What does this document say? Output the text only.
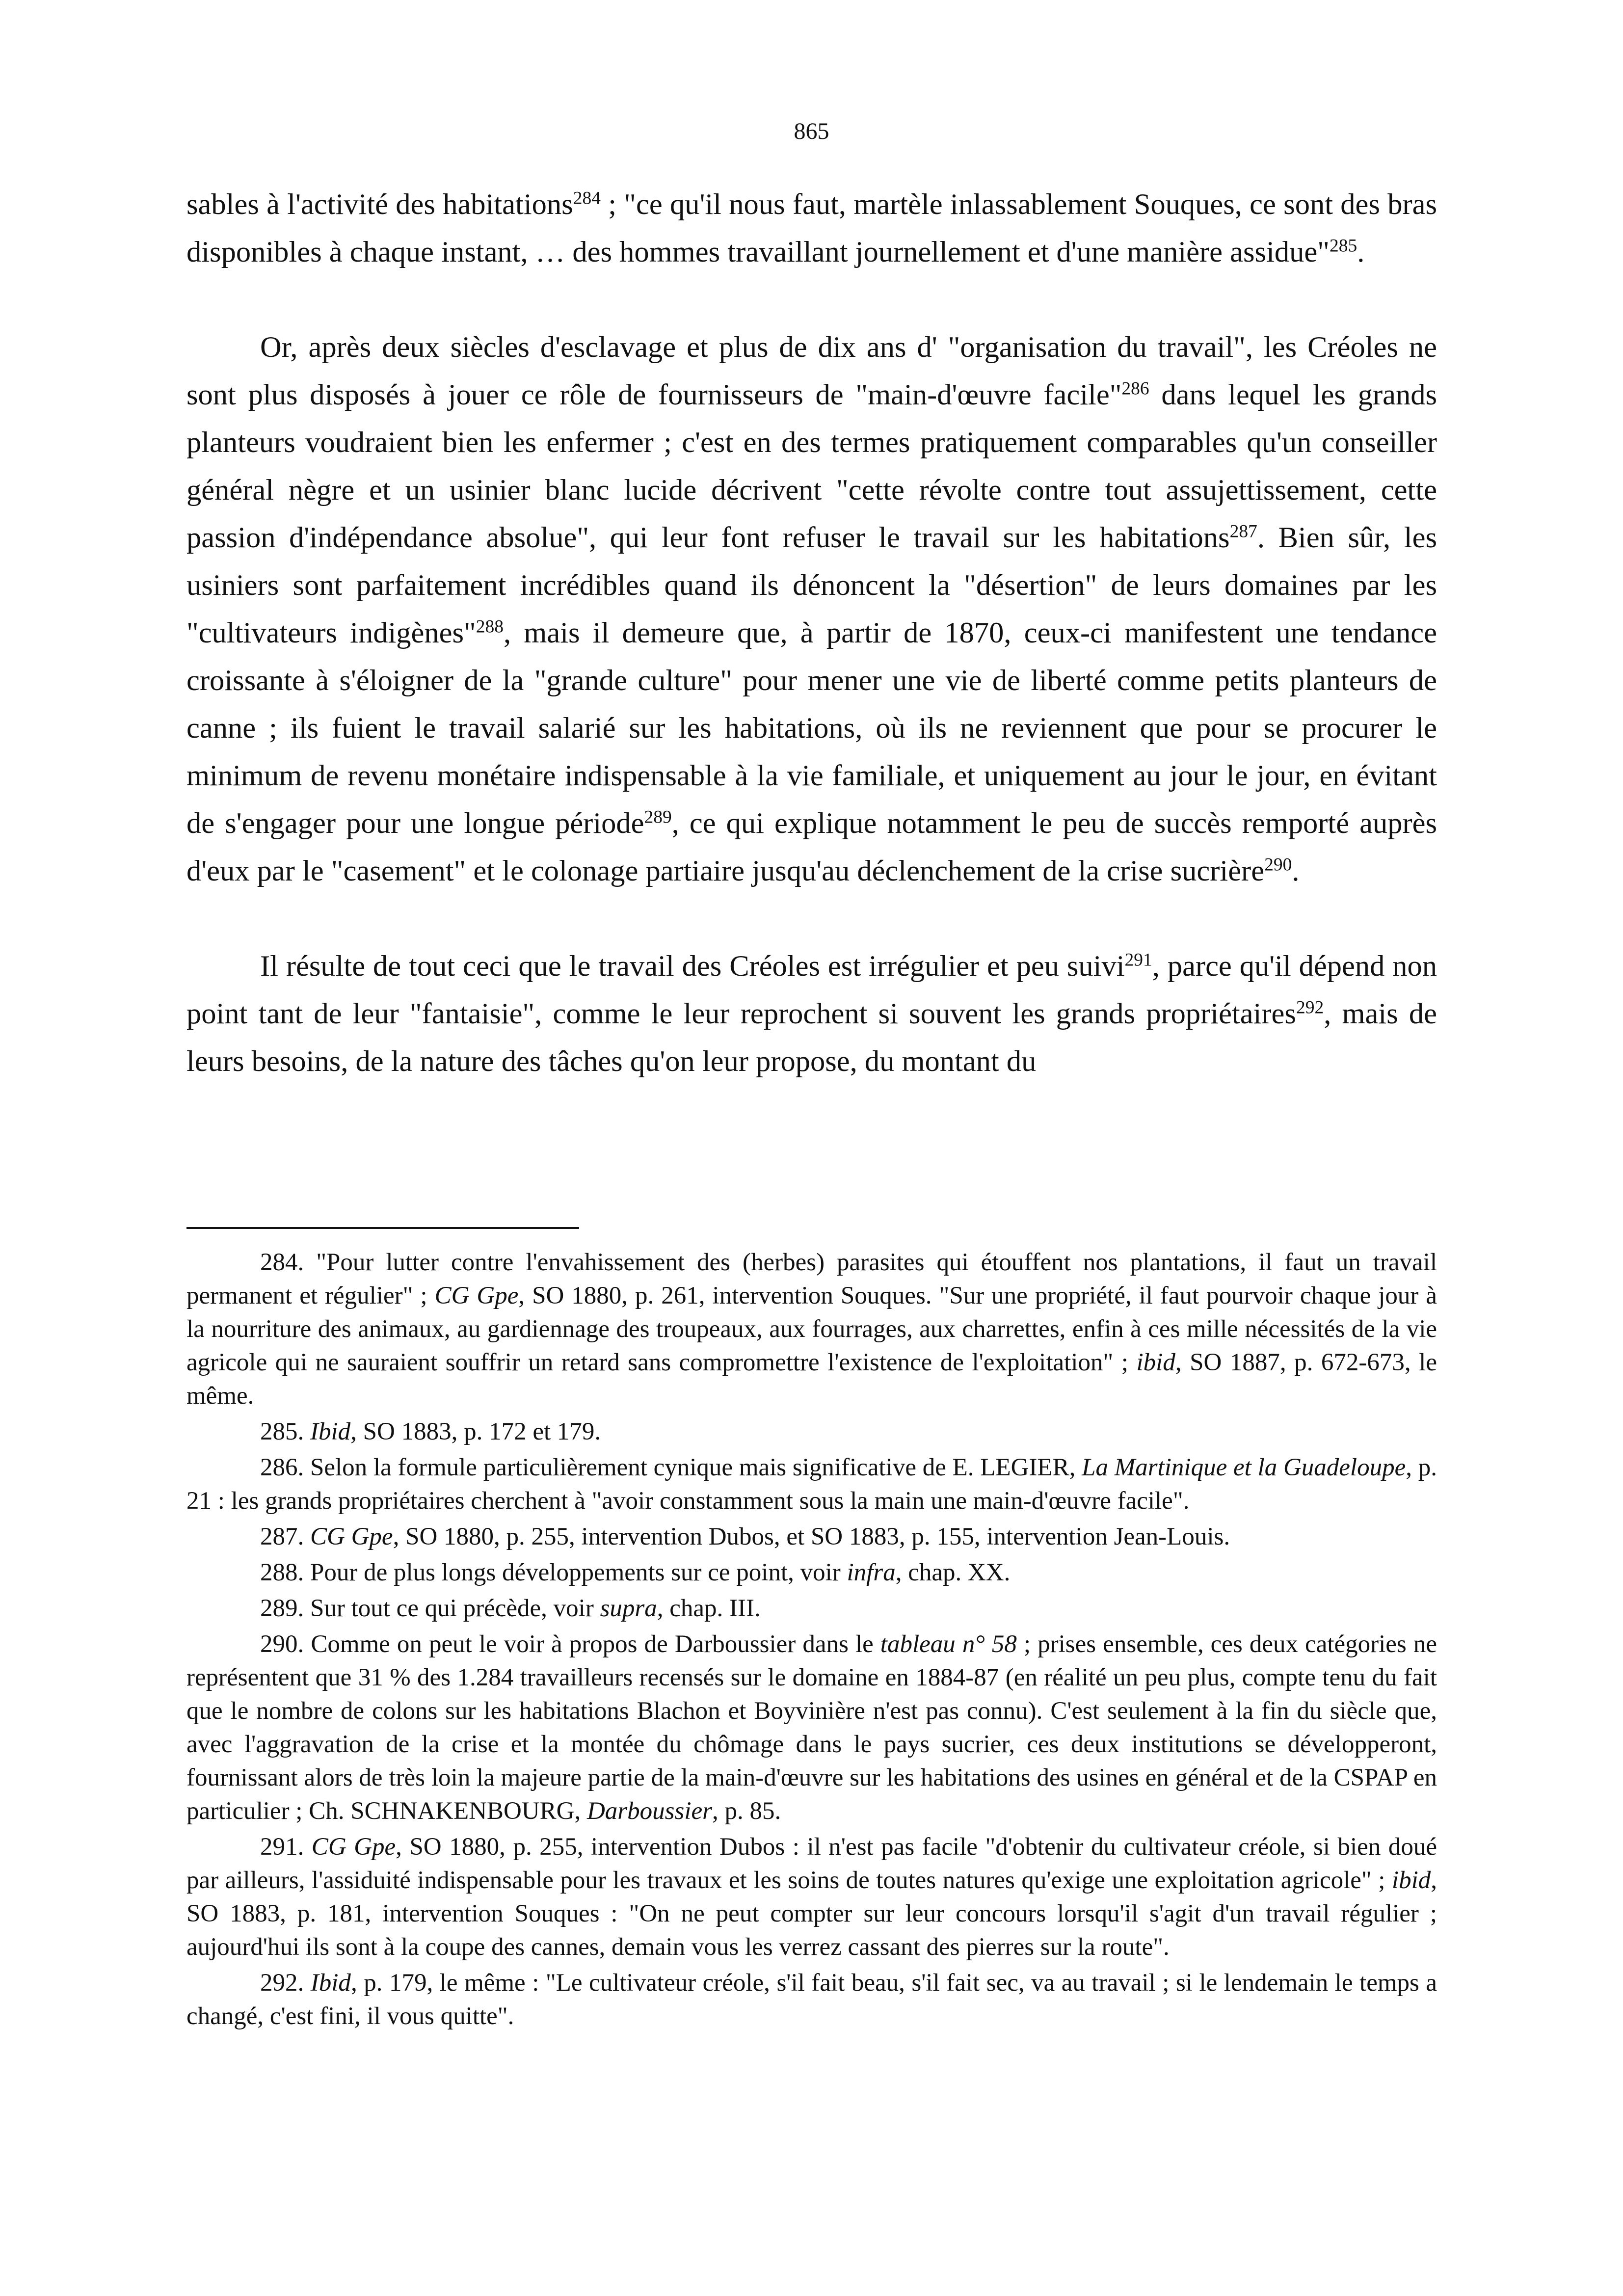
865

sables à l'activité des habitations$^{284}$ ; "ce qu'il nous faut, martèle inlassablement Souques, ce sont des bras disponibles à chaque instant, … des hommes travaillant journellement et d'une manière assidue"$^{285}$.

Or, après deux siècles d'esclavage et plus de dix ans d' "organisation du travail", les Créoles ne sont plus disposés à jouer ce rôle de fournisseurs de "main-d'œuvre facile"$^{286}$ dans lequel les grands planteurs voudraient bien les enfermer ; c'est en des termes pratiquement comparables qu'un conseiller général nègre et un usinier blanc lucide décrivent "cette révolte contre tout assujettissement, cette passion d'indépendance absolue", qui leur font refuser le travail sur les habitations$^{287}$. Bien sûr, les usiniers sont parfaitement incrédibles quand ils dénoncent la "désertion" de leurs domaines par les "cultivateurs indigènes"$^{288}$, mais il demeure que, à partir de 1870, ceux-ci manifestent une tendance croissante à s'éloigner de la "grande culture" pour mener une vie de liberté comme petits planteurs de canne ; ils fuient le travail salarié sur les habitations, où ils ne reviennent que pour se procurer le minimum de revenu monétaire indispensable à la vie familiale, et uniquement au jour le jour, en évitant de s'engager pour une longue période$^{289}$, ce qui explique notamment le peu de succès remporté auprès d'eux par le "casement" et le colonage partiaire jusqu'au déclenchement de la crise sucrière$^{290}$.

Il résulte de tout ceci que le travail des Créoles est irrégulier et peu suivi$^{291}$, parce qu'il dépend non point tant de leur "fantaisie", comme le leur reprochent si souvent les grands propriétaires$^{292}$, mais de leurs besoins, de la nature des tâches qu'on leur propose, du montant du

284. "Pour lutter contre l'envahissement des (herbes) parasites qui étouffent nos plantations, il faut un travail permanent et régulier" ; CG Gpe, SO 1880, p. 261, intervention Souques. "Sur une propriété, il faut pourvoir chaque jour à la nourriture des animaux, au gardiennage des troupeaux, aux fourrages, aux charrettes, enfin à ces mille nécessités de la vie agricole qui ne sauraient souffrir un retard sans compromettre l'existence de l'exploitation" ; ibid, SO 1887, p. 672-673, le même.

285. Ibid, SO 1883, p. 172 et 179.

286. Selon la formule particulièrement cynique mais significative de E. LEGIER, La Martinique et la Guadeloupe, p. 21 : les grands propriétaires cherchent à "avoir constamment sous la main une main-d'œuvre facile".

287. CG Gpe, SO 1880, p. 255, intervention Dubos, et SO 1883, p. 155, intervention Jean-Louis.

288. Pour de plus longs développements sur ce point, voir infra, chap. XX.

289. Sur tout ce qui précède, voir supra, chap. III.

290. Comme on peut le voir à propos de Darboussier dans le tableau n° 58 ; prises ensemble, ces deux catégories ne représentent que 31 % des 1.284 travailleurs recensés sur le domaine en 1884-87 (en réalité un peu plus, compte tenu du fait que le nombre de colons sur les habitations Blachon et Boyvinière n'est pas connu). C'est seulement à la fin du siècle que, avec l'aggravation de la crise et la montée du chômage dans le pays sucrier, ces deux institutions se développeront, fournissant alors de très loin la majeure partie de la main-d'œuvre sur les habitations des usines en général et de la CSPAP en particulier ; Ch. SCHNAKENBOURG, Darboussier, p. 85.

291. CG Gpe, SO 1880, p. 255, intervention Dubos : il n'est pas facile "d'obtenir du cultivateur créole, si bien doué par ailleurs, l'assiduité indispensable pour les travaux et les soins de toutes natures qu'exige une exploitation agricole" ; ibid, SO 1883, p. 181, intervention Souques : "On ne peut compter sur leur concours lorsqu'il s'agit d'un travail régulier ; aujourd'hui ils sont à la coupe des cannes, demain vous les verrez cassant des pierres sur la route".

292. Ibid, p. 179, le même : "Le cultivateur créole, s'il fait beau, s'il fait sec, va au travail ; si le lendemain le temps a changé, c'est fini, il vous quitte".
